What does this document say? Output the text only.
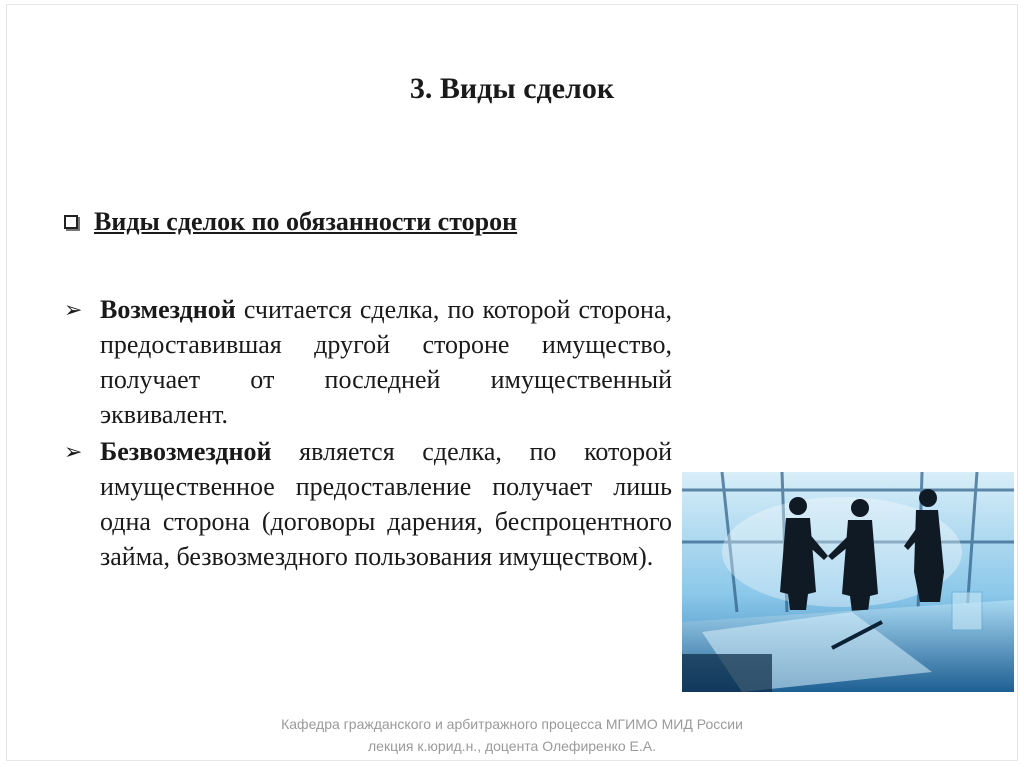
3. Виды сделок
Виды сделок по обязанности сторон
➢ Возмездной считается сделка, по которой сторона, предоставившая другой стороне имущество, получает от последней имущественный эквивалент.
➢ Безвозмездной является сделка, по которой имущественное предоставление получает лишь одна сторона (договоры дарения, беспроцентного займа, безвозмездного пользования имуществом).
Кафедра гражданского и арбитражного процесса МГИМО МИД России
лекция к.юрид.н., доцента Олефиренко Е.А.
